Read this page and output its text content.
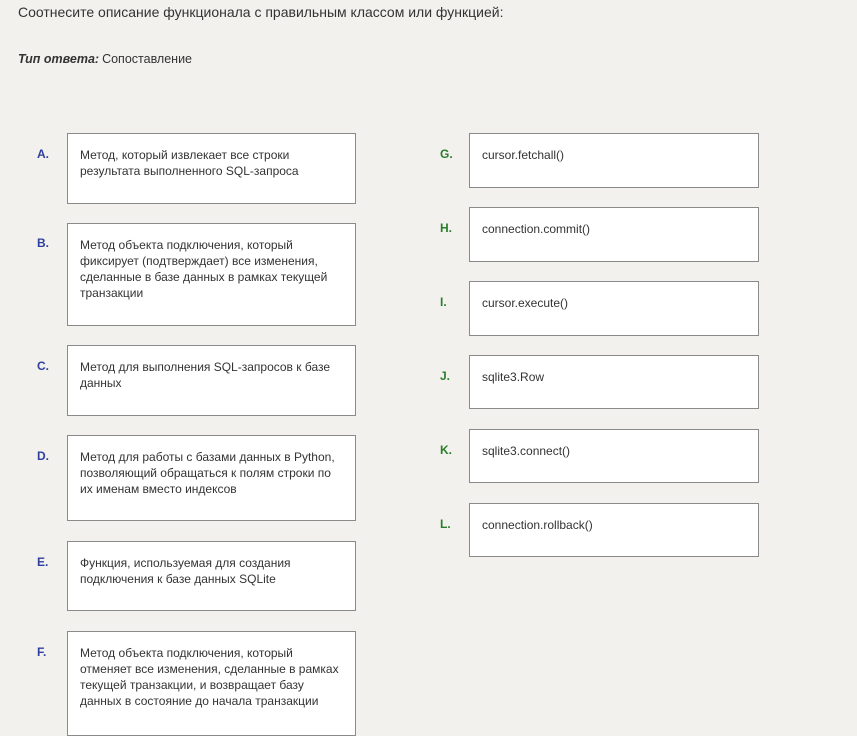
Соотнесите описание функционала с правильным классом или функцией:
Тип ответа: Сопоставление
A.	Метод, который извлекает все строки результата выполненного SQL-запроса
B.	Метод объекта подключения, который фиксирует (подтверждает) все изменения, сделанные в базе данных в рамках текущей транзакции
C.	Метод для выполнения SQL-запросов к базе данных
D.	Метод для работы с базами данных в Python, позволяющий обращаться к полям строки по их именам вместо индексов
E.	Функция, используемая для создания подключения к базе данных SQLite
F.	Метод объекта подключения, который отменяет все изменения, сделанные в рамках текущей транзакции, и возвращает базу данных в состояние до начала транзакции
G.	cursor.fetchall()
H.	connection.commit()
I.	cursor.execute()
J.	sqlite3.Row
K.	sqlite3.connect()
L.	connection.rollback()
